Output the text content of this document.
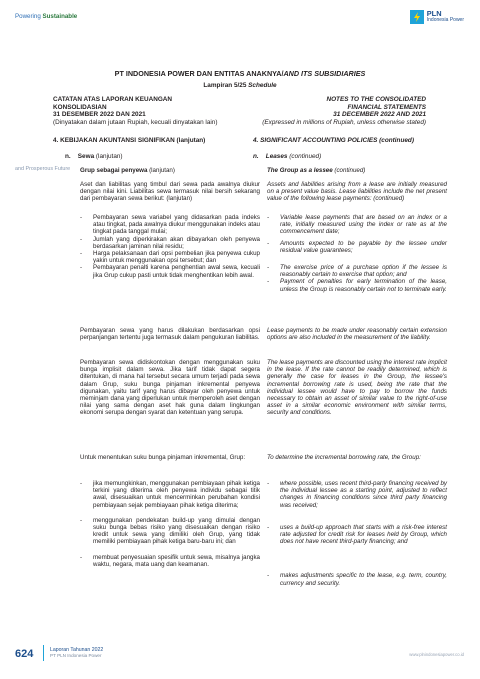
Powering Sustainable
and Prosperous Future
PLN
Indonesia Power
PT INDONESIA POWER DAN ENTITAS ANAKNYA/AND ITS SUBSIDIARIES
Lampiran 5/25 Schedule
CATATAN ATAS LAPORAN KEUANGAN
KONSOLIDASIAN
31 DESEMBER 2022 DAN 2021
(Dinyatakan dalam jutaan Rupiah, kecuali dinyatakan lain)
NOTES TO THE CONSOLIDATED
FINANCIAL STATEMENTS
31 DECEMBER 2022 AND 2021
(Expressed in millions of Rupiah, unless otherwise stated)
4. KEBIJAKAN AKUNTANSI SIGNIFIKAN (lanjutan)	4. SIGNIFICANT ACCOUNTING POLICIES (continued)
n. Sewa (lanjutan)	n. Leases (continued)
Grup sebagai penyewa (lanjutan)

Aset dan liabilitas yang timbul dari sewa pada awalnya diukur dengan nilai kini. Liabilitas sewa termasuk nilai bersih sekarang dari pembayaran sewa berikut: (lanjutan)

-	Pembayaran sewa variabel yang didasarkan pada indeks atau tingkat, pada awalnya diukur menggunakan indeks atau tingkat pada tanggal mulai;
-	Jumlah yang diperkirakan akan dibayarkan oleh penyewa berdasarkan jaminan nilai residu;
-	Harga pelaksanaan dari opsi pembelian jika penyewa cukup yakin untuk menggunakan opsi tersebut; dan
-	Pembayaran penalti karena penghentian awal sewa, kecuali jika Grup cukup pasti untuk tidak menghentikan lebih awal.

Pembayaran sewa yang harus dilakukan berdasarkan opsi perpanjangan tertentu juga termasuk dalam pengukuran liabilitas.

Pembayaran sewa didiskontokan dengan menggunakan suku bunga implisit dalam sewa. Jika tarif tidak dapat segera ditentukan, di mana hal tersebut secara umum terjadi pada sewa dalam Grup, suku bunga pinjaman inkremental penyewa digunakan, yaitu tarif yang harus dibayar oleh penyewa untuk meminjam dana yang diperlukan untuk memperoleh aset dengan nilai yang sama dengan aset hak guna dalam lingkungan ekonomi serupa dengan syarat dan ketentuan yang serupa.

Untuk menentukan suku bunga pinjaman inkremental, Grup:

-	jika memungkinkan, menggunakan pembiayaan pihak ketiga terkini yang diterima oleh penyewa individu sebagai titik awal, disesuaikan untuk mencerminkan perubahan kondisi pembiayaan sejak pembiayaan pihak ketiga diterima;
-	menggunakan pendekatan build-up yang dimulai dengan suku bunga bebas risiko yang disesuaikan dengan risiko kredit untuk sewa yang dimiliki oleh Grup, yang tidak memiliki pembiayaan pihak ketiga baru-baru ini; dan
-	membuat penyesuaian spesifik untuk sewa, misalnya jangka waktu, negara, mata uang dan keamanan.
The Group as a lessee (continued)

Assets and liabilities arising from a lease are initially measured on a present value basis. Lease liabilities include the net present value of the following lease payments: (continued)

-	Variable lease payments that are based on an index or a rate, initially measured using the index or rate as at the commencement date;
-	Amounts expected to be payable by the lessee under residual value guarantees;
-	The exercise price of a purchase option if the lessee is reasonably certain to exercise that option; and
-	Payment of penalties for early termination of the lease, unless the Group is reasonably certain not to terminate early.

Lease payments to be made under reasonably certain extension options are also included in the measurement of the liability.

The lease payments are discounted using the interest rate implicit in the lease. If the rate cannot be readily determined, which is generally the case for leases in the Group, the lessee's incremental borrowing rate is used, being the rate that the individual lessee would have to pay to borrow the funds necessary to obtain an asset of similar value to the right-of-use asset in a similar economic environment with similar terms, security and conditions.

To determine the incremental borrowing rate, the Group:

-	where possible, uses recent third-party financing received by the individual lessee as a starting point, adjusted to reflect changes in financing conditions since third party financing was received;
-	uses a build-up approach that starts with a risk-free interest rate adjusted for credit risk for leases held by Group, which does not have recent third-party financing; and
-	makes adjustments specific to the lease, e.g. term, country, currency and security.
624	Laporan Tahunan 2022
PT PLN Indonesia Power	www.plnindonesiapower.co.id
